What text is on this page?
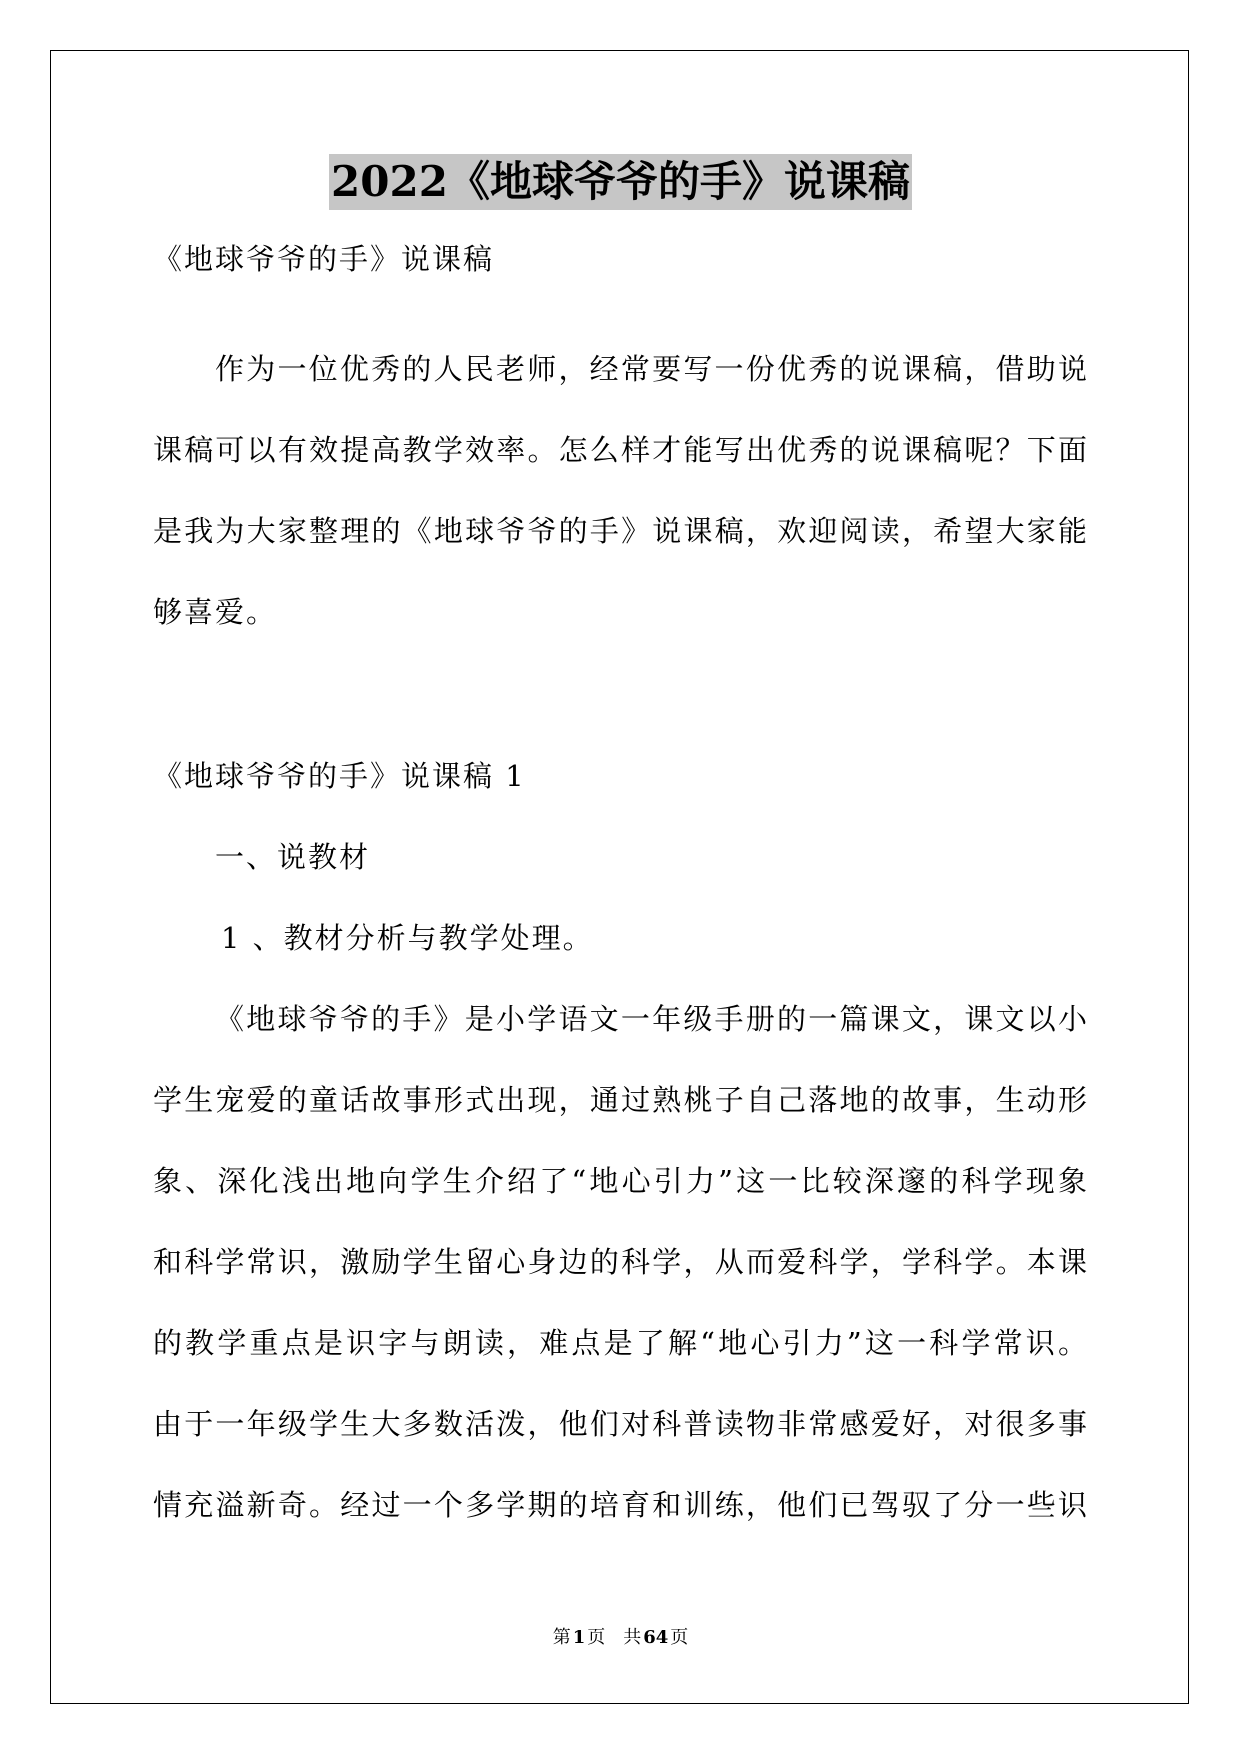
2022《地球爷爷的手》说课稿
《地球爷爷的手》说课稿
作为一位优秀的人民老师，经常要写一份优秀的说课稿，借助说
课稿可以有效提高教学效率。怎么样才能写出优秀的说课稿呢？下面
是我为大家整理的《地球爷爷的手》说课稿，欢迎阅读，希望大家能
够喜爱。
《地球爷爷的手》说课稿 1
一、说教材
1 、教材分析与教学处理。
《地球爷爷的手》是小学语文一年级手册的一篇课文，课文以小
学生宠爱的童话故事形式出现，通过熟桃子自己落地的故事，生动形
象、深化浅出地向学生介绍了“地心引力”这一比较深邃的科学现象
和科学常识，激励学生留心身边的科学，从而爱科学，学科学。本课
的教学重点是识字与朗读，难点是了解“地心引力”这一科学常识。
由于一年级学生大多数活泼，他们对科普读物非常感爱好，对很多事
情充溢新奇。经过一个多学期的培育和训练，他们已驾驭了分一些识
第 1 页 共 64 页
